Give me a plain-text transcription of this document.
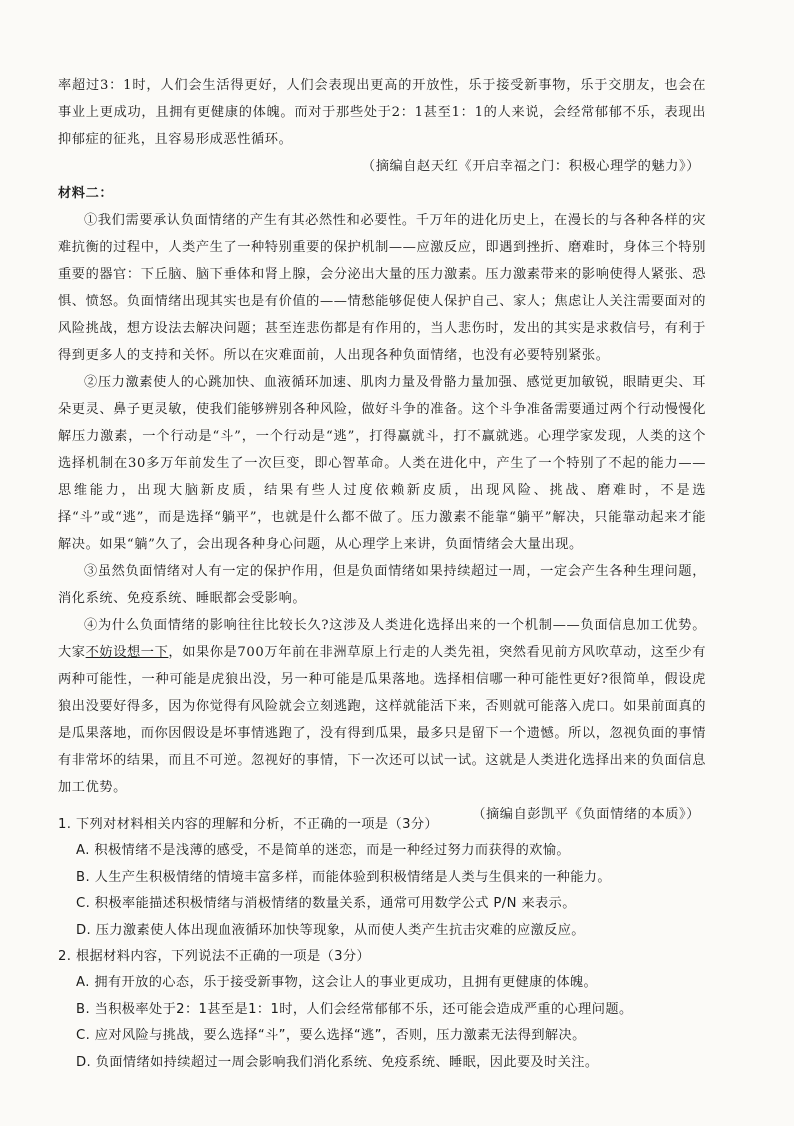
率超过3：1时，人们会生活得更好，人们会表现出更高的开放性，乐于接受新事物，乐于交朋友，也会在事业上更成功，且拥有更健康的体魄。而对于那些处于2：1甚至1：1的人来说，会经常郁郁不乐，表现出抑郁症的征兆，且容易形成恶性循环。

（摘编自赵天红《开启幸福之门：积极心理学的魅力》）

材料二：

①我们需要承认负面情绪的产生有其必然性和必要性。千万年的进化历史上，在漫长的与各种各样的灾难抗衡的过程中，人类产生了一种特别重要的保护机制——应激反应，即遇到挫折、磨难时，身体三个特别重要的器官：下丘脑、脑下垂体和肾上腺，会分泌出大量的压力激素。压力激素带来的影响使得人紧张、恐惧、愤怒。负面情绪出现其实也是有价值的——情愁能够促使人保护自己、家人；焦虑让人关注需要面对的风险挑战，想方设法去解决问题；甚至连悲伤都是有作用的，当人悲伤时，发出的其实是求救信号，有利于得到更多人的支持和关怀。所以在灾难面前，人出现各种负面情绪，也没有必要特别紧张。

②压力激素使人的心跳加快、血液循环加速、肌肉力量及骨骼力量加强、感觉更加敏锐，眼睛更尖、耳朵更灵、鼻子更灵敏，使我们能够辨别各种风险，做好斗争的准备。这个斗争准备需要通过两个行动慢慢化解压力激素，一个行动是“斗”，一个行动是“逃”，打得赢就斗，打不赢就逃。心理学家发现，人类的这个选择机制在30多万年前发生了一次巨变，即心智革命。人类在进化中，产生了一个特别了不起的能力——思维能力，出现大脑新皮质，结果有些人过度依赖新皮质，出现风险、挑战、磨难时，不是选择“斗”或“逃”，而是选择“躺平”，也就是什么都不做了。压力激素不能靠“躺平”解决，只能靠动起来才能解决。如果“躺”久了，会出现各种身心问题，从心理学上来讲，负面情绪会大量出现。

③虽然负面情绪对人有一定的保护作用，但是负面情绪如果持续超过一周，一定会产生各种生理问题，消化系统、免疫系统、睡眠都会受影响。

④为什么负面情绪的影响往往比较长久?这涉及人类进化选择出来的一个机制——负面信息加工优势。大家不妨设想一下，如果你是700万年前在非洲草原上行走的人类先祖，突然看见前方风吹草动，这至少有两种可能性，一种可能是虎狼出没，另一种可能是瓜果落地。选择相信哪一种可能性更好?很简单，假设虎狼出没要好得多，因为你觉得有风险就会立刻逃跑，这样就能活下来，否则就可能落入虎口。如果前面真的是瓜果落地，而你因假设是坏事情逃跑了，没有得到瓜果，最多只是留下一个遗憾。所以，忽视负面的事情有非常坏的结果，而且不可逆。忽视好的事情，下一次还可以试一试。这就是人类进化选择出来的负面信息加工优势。

（摘编自彭凯平《负面情绪的本质》）

1. 下列对材料相关内容的理解和分析，不正确的一项是（3分）

A. 积极情绪不是浅薄的感受，不是简单的迷恋，而是一种经过努力而获得的欢愉。

B. 人生产生积极情绪的情境丰富多样，而能体验到积极情绪是人类与生俱来的一种能力。

C. 积极率能描述积极情绪与消极情绪的数量关系，通常可用数学公式 P/N 来表示。

D. 压力激素使人体出现血液循环加快等现象，从而使人类产生抗击灾难的应激反应。

2. 根据材料内容，下列说法不正确的一项是（3分）

A. 拥有开放的心态，乐于接受新事物，这会让人的事业更成功，且拥有更健康的体魄。

B. 当积极率处于2：1甚至是1：1时，人们会经常郁郁不乐，还可能会造成严重的心理问题。

C. 应对风险与挑战，要么选择“斗”，要么选择“逃”，否则，压力激素无法得到解决。

D. 负面情绪如持续超过一周会影响我们消化系统、免疫系统、睡眠，因此要及时关注。
